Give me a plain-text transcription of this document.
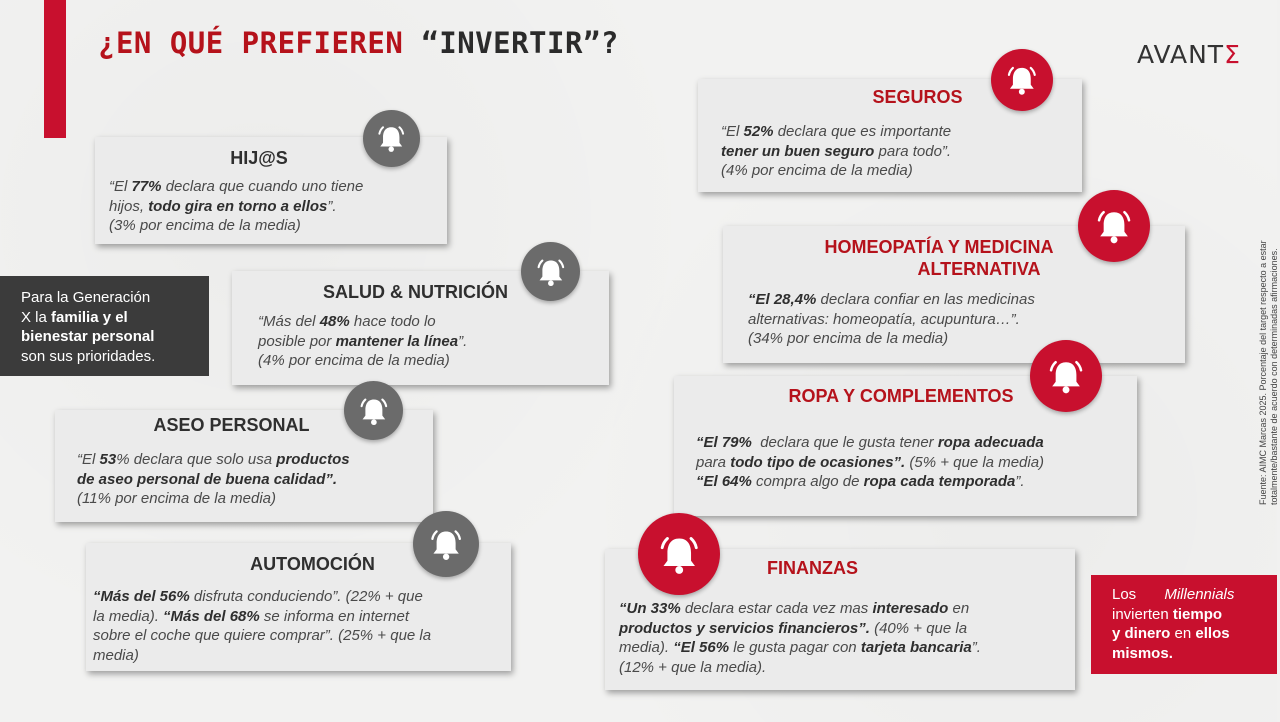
¿EN QUÉ PREFIEREN “INVERTIR”?	AVANTΣ
HIJ@S
“El 77% declara que cuando uno tiene
hijos, todo gira en torno a ellos”.
(3% por encima de la media)
SALUD & NUTRICIÓN
“Más del 48% hace todo lo
posible por mantener la línea”.
(4% por encima de la media)
Para la Generación
X la familia y el
bienestar personal
son sus prioridades.
ASEO PERSONAL
“El 53% declara que solo usa productos
de aseo personal de buena calidad”.
(11% por encima de la media)
AUTOMOCIÓN
“Más del 56% disfruta conduciendo”. (22% + que
la media). “Más del 68% se informa en internet
sobre el coche que quiere comprar”. (25% + que la
media)
SEGUROS
“El 52% declara que es importante
tener un buen seguro para todo”.
(4% por encima de la media)
HOMEOPATÍA Y MEDICINA
ALTERNATIVA
“El 28,4% declara confiar en las medicinas
alternativas: homeopatía, acupuntura…”.
(34% por encima de la media)
ROPA Y COMPLEMENTOS
“El 79%  declara que le gusta tener ropa adecuada
para todo tipo de ocasiones”. (5% + que la media)
“El 64% compra algo de ropa cada temporada”.
FINANZAS
“Un 33% declara estar cada vez mas interesado en
productos y servicios financieros”. (40% + que la
media). “El 56% le gusta pagar con tarjeta bancaria”.
(12% + que la media).
Los Millennials
invierten tiempo
y dinero en ellos
mismos.
Fuente: AIMC Marcas 2025. Porcentaje del target respecto a estar totalmente/bastante de acuerdo con determinadas afirmaciones.
